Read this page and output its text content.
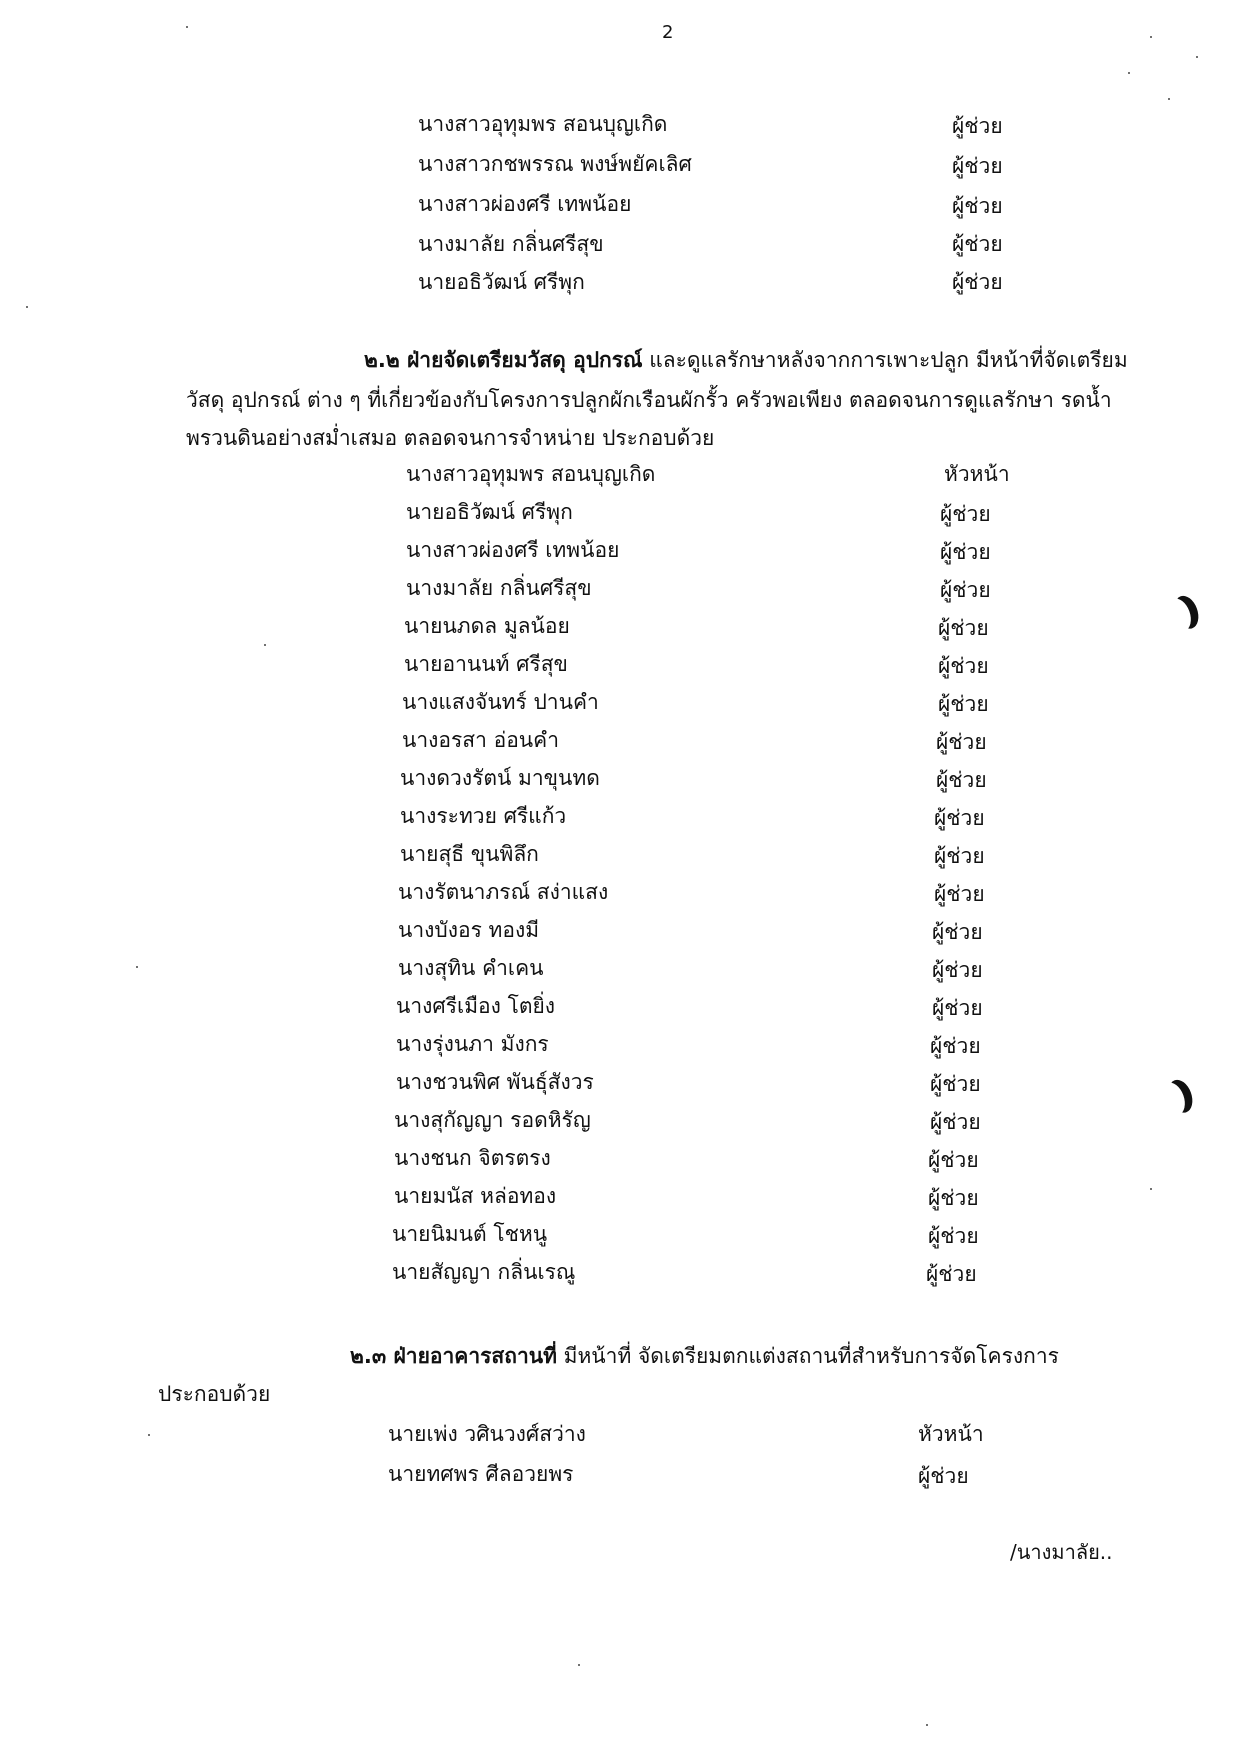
2
นางสาวอุทุมพร สอนบุญเกิด	ผู้ช่วย
นางสาวกชพรรณ พงษ์พยัคเลิศ	ผู้ช่วย
นางสาวผ่องศรี เทพน้อย	ผู้ช่วย
นางมาลัย กลิ่นศรีสุข	ผู้ช่วย
นายอธิวัฒน์ ศรีพุก	ผู้ช่วย
๒.๒ ฝ่ายจัดเตรียมวัสดุ อุปกรณ์ และดูแลรักษาหลังจากการเพาะปลูก มีหน้าที่จัดเตรียม
วัสดุ อุปกรณ์ ต่าง ๆ ที่เกี่ยวข้องกับโครงการปลูกผักเรือนผักรั้ว ครัวพอเพียง ตลอดจนการดูแลรักษา รดน้ำ
พรวนดินอย่างสม่ำเสมอ ตลอดจนการจำหน่าย ประกอบด้วย
นางสาวอุทุมพร สอนบุญเกิด	หัวหน้า
นายอธิวัฒน์ ศรีพุก	ผู้ช่วย
นางสาวผ่องศรี เทพน้อย	ผู้ช่วย
นางมาลัย กลิ่นศรีสุข	ผู้ช่วย
นายนภดล มูลน้อย	ผู้ช่วย
นายอานนท์ ศรีสุข	ผู้ช่วย
นางแสงจันทร์ ปานคำ	ผู้ช่วย
นางอรสา อ่อนคำ	ผู้ช่วย
นางดวงรัตน์ มาขุนทด	ผู้ช่วย
นางระทวย ศรีแก้ว	ผู้ช่วย
นายสุธี ขุนพิลึก	ผู้ช่วย
นางรัตนาภรณ์ สง่าแสง	ผู้ช่วย
นางบังอร ทองมี	ผู้ช่วย
นางสุทิน คำเคน	ผู้ช่วย
นางศรีเมือง โตยิ่ง	ผู้ช่วย
นางรุ่งนภา มังกร	ผู้ช่วย
นางชวนพิศ พันธุ์สังวร	ผู้ช่วย
นางสุกัญญา รอดหิรัญ	ผู้ช่วย
นางชนก จิตรตรง	ผู้ช่วย
นายมนัส หล่อทอง	ผู้ช่วย
นายนิมนต์ โชหนู	ผู้ช่วย
นายสัญญา กลิ่นเรณู	ผู้ช่วย
๒.๓ ฝ่ายอาคารสถานที่ มีหน้าที่ จัดเตรียมตกแต่งสถานที่สำหรับการจัดโครงการ
ประกอบด้วย
นายเพ่ง วศินวงศ์สว่าง	หัวหน้า
นายทศพร ศีลอวยพร	ผู้ช่วย
/นางมาลัย..
